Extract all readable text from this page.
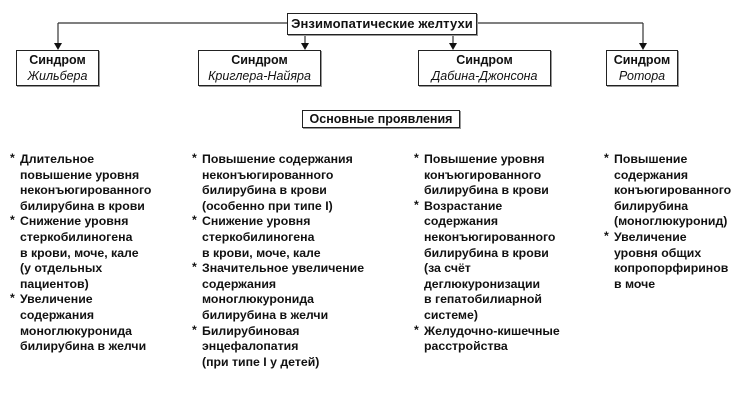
Энзимопатические желтухи
Синдром
Жильбера
Синдром
Криглера-Найяра
Синдром
Дабина-Джонсона
Синдром
Ротора
Основные проявления
* Длительное
повышение уровня
неконъюгированного
билирубина в крови
* Снижение уровня
стеркобилиногена
в крови, моче, кале
(у отдельных
пациентов)
* Увеличение
содержания
моноглюкуронида
билирубина в желчи
* Повышение содержания
неконъюгированного
билирубина в крови
(особенно при типе I)
* Снижение уровня
стеркобилиногена
в крови, моче, кале
* Значительное увеличение
содержания
моноглюкуронида
билирубина в желчи
* Билирубиновая
энцефалопатия
(при типе I у детей)
* Повышение уровня
конъюгированного
билирубина в крови
* Возрастание
содержания
неконъюгированного
билирубина в крови
(за счёт
деглюкуронизации
в гепатобилиарной
системе)
* Желудочно-кишечные
расстройства
* Повышение
содержания
конъюгированного
билирубина
(моноглюкуронид)
* Увеличение
уровня общих
копропорфиринов
в моче
